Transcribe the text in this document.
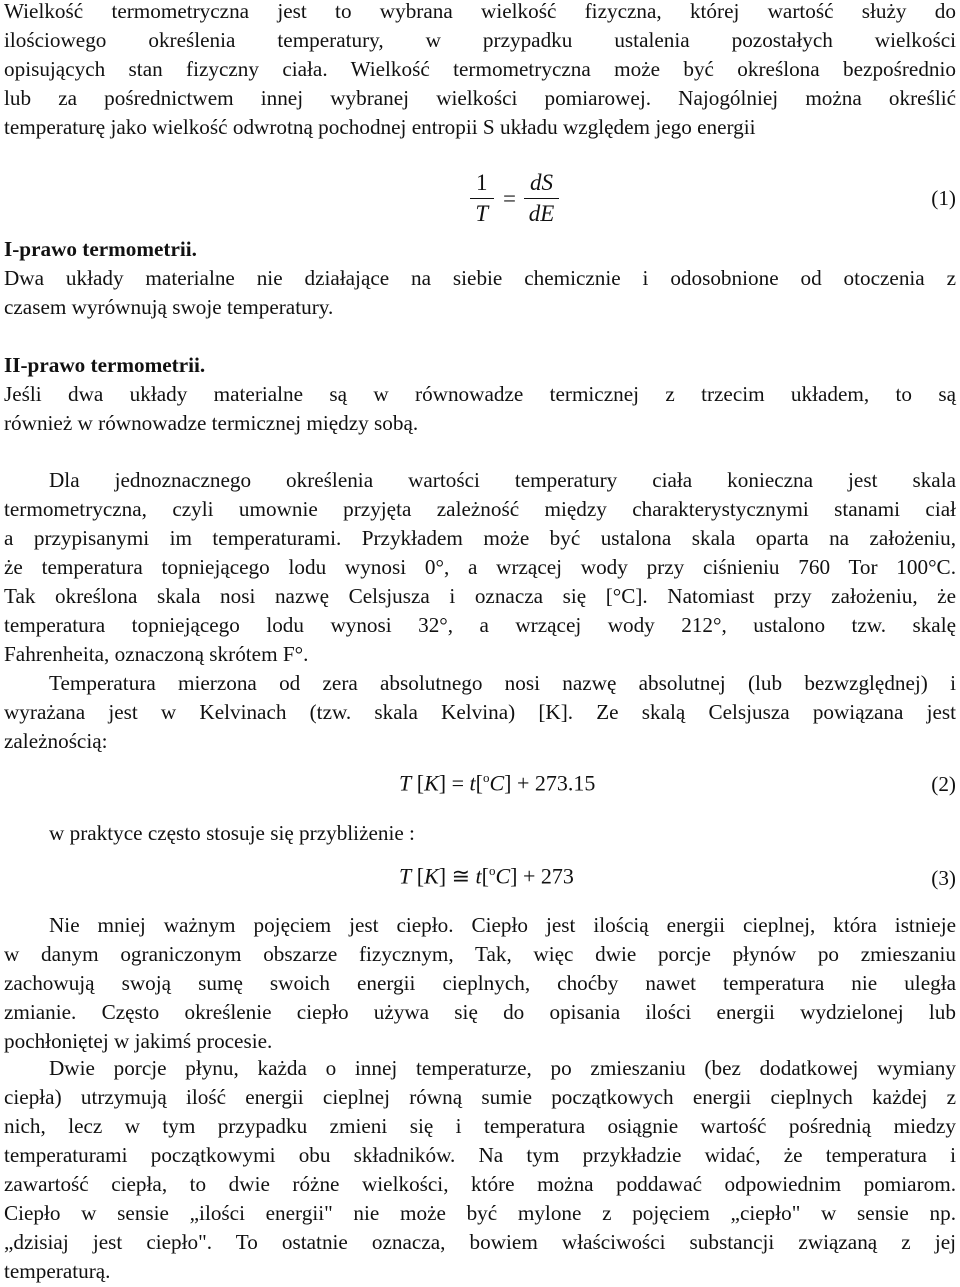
Wielkość termometryczna jest to wybrana wielkość fizyczna, której wartość służy do
ilościowego określenia temperatury, w przypadku ustalenia pozostałych wielkości
opisujących stan fizyczny ciała. Wielkość termometryczna może być określona bezpośrednio
lub za pośrednictwem innej wybranej wielkości pomiarowej. Najogólniej można określić
temperaturę jako wielkość odwrotną pochodnej entropii S układu względem jego energii
$\frac{1}{T} = \frac{dS}{dE}$	(1)
I-prawo termometrii.
Dwa układy materialne nie działające na siebie chemicznie i odosobnione od otoczenia z
czasem wyrównują swoje temperatury.
II-prawo termometrii.
Jeśli dwa układy materialne są w równowadze termicznej z trzecim układem, to są
również w równowadze termicznej między sobą.
Dla jednoznacznego określenia wartości temperatury ciała konieczna jest skala
termometryczna, czyli umownie przyjęta zależność między charakterystycznymi stanami ciał
a przypisanymi im temperaturami. Przykładem może być ustalona skala oparta na założeniu,
że temperatura topniejącego lodu wynosi 0°, a wrzącej wody przy ciśnieniu 760 Tor 100°C.
Tak określona skala nosi nazwę Celsjusza i oznacza się [°C]. Natomiast przy założeniu, że
temperatura topniejącego lodu wynosi 32°, a wrzącej wody 212°, ustalono tzw. skalę
Fahrenheita, oznaczoną skrótem F°.
Temperatura mierzona od zera absolutnego nosi nazwę absolutnej (lub bezwzględnej) i
wyrażana jest w Kelvinach (tzw. skala Kelvina) [K]. Ze skalą Celsjusza powiązana jest
zależnością:
T [K] = t[$^o$C] + 273.15	(2)
w praktyce często stosuje się przybliżenie :
T [K] ≅ t[$^o$C] + 273	(3)
Nie mniej ważnym pojęciem jest ciepło. Ciepło jest ilością energii cieplnej, która istnieje
w danym ograniczonym obszarze fizycznym, Tak, więc dwie porcje płynów po zmieszaniu
zachowują swoją sumę swoich energii cieplnych, choćby nawet temperatura nie uległa
zmianie. Często określenie ciepło używa się do opisania ilości energii wydzielonej lub
pochłoniętej w jakimś procesie.
Dwie porcje płynu, każda o innej temperaturze, po zmieszaniu (bez dodatkowej wymiany
ciepła) utrzymują ilość energii cieplnej równą sumie początkowych energii cieplnych każdej z
nich, lecz w tym przypadku zmieni się i temperatura osiągnie wartość pośrednią miedzy
temperaturami początkowymi obu składników. Na tym przykładzie widać, że temperatura i
zawartość ciepła, to dwie różne wielkości, które można poddawać odpowiednim pomiarom.
Ciepło w sensie „ilości energii" nie może być mylone z pojęciem „ciepło" w sensie np.
„dzisiaj jest ciepło". To ostatnie oznacza, bowiem właściwości substancji związaną z jej
temperaturą.
